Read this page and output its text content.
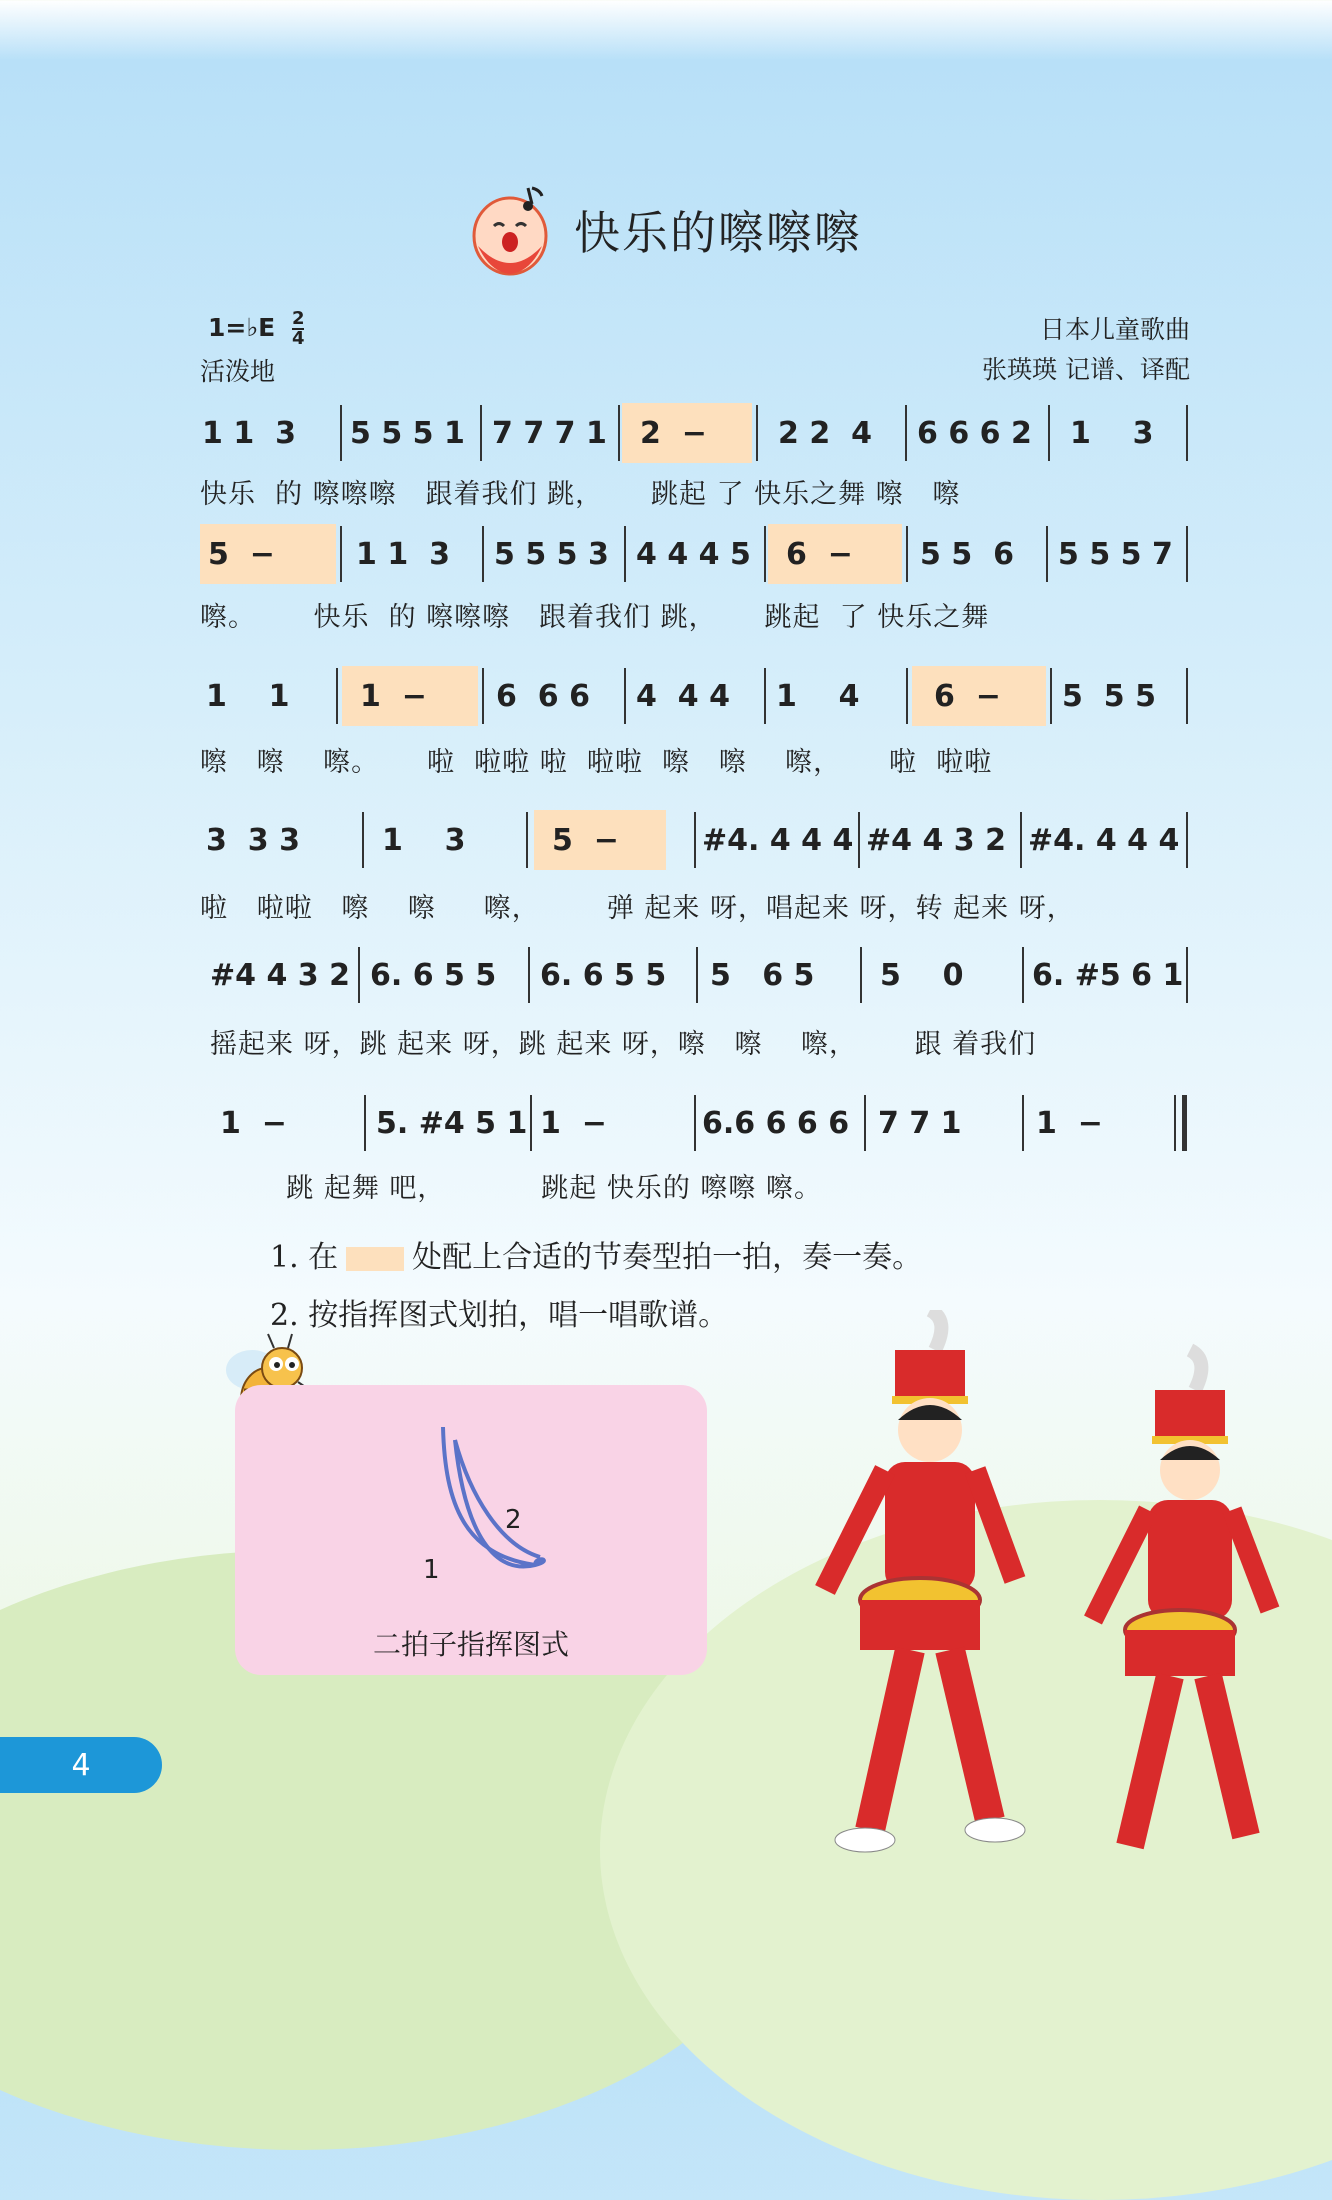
快乐的嚓嚓嚓
1=♭E $\frac{2}{4}$
活泼地
日本儿童歌曲
张瑛瑛 记谱、译配
1 1  3 5 5 5 1 7 7 7 1	2  −	2 2  4 6 6 6 2 1    3
快乐  的 嚓嚓嚓   跟着我们 跳，     跳起 了 快乐之舞 嚓   嚓
5  −	1 1  3 5 5 5 3 4 4 4 5	6  −	5 5  6 5 5 5 7
嚓。      快乐  的 嚓嚓嚓   跟着我们 跳，     跳起  了 快乐之舞
1    1	1  −	6  6 6 4  4 4 1    4	6  −	5  5 5
嚓   嚓    嚓。     啦  啦啦 啦  啦啦  嚓   嚓    嚓，     啦  啦啦
3  3 3	1    3	5  −	#4. 4 4 4 #4 4 3 2 #4. 4 4 4
啦   啦啦   嚓    嚓     嚓，       弹 起来 呀，唱起来 呀，转 起来 呀，
#4 4 3 2 6. 6 5 5 6. 6 5 5 5   6 5 5    0 6. #5 6 1
摇起来 呀，跳 起来 呀，跳 起来 呀，嚓   嚓    嚓，      跟 着我们
1  −	5. #4 5 1 1  −	6.6 6 6 6 7 7 1 1  −
跳 起舞 吧，          跳起 快乐的 嚓嚓 嚓。
1. 在 处配上合适的节奏型拍一拍，奏一奏。
2. 按指挥图式划拍，唱一唱歌谱。
1
2
二拍子指挥图式
4
